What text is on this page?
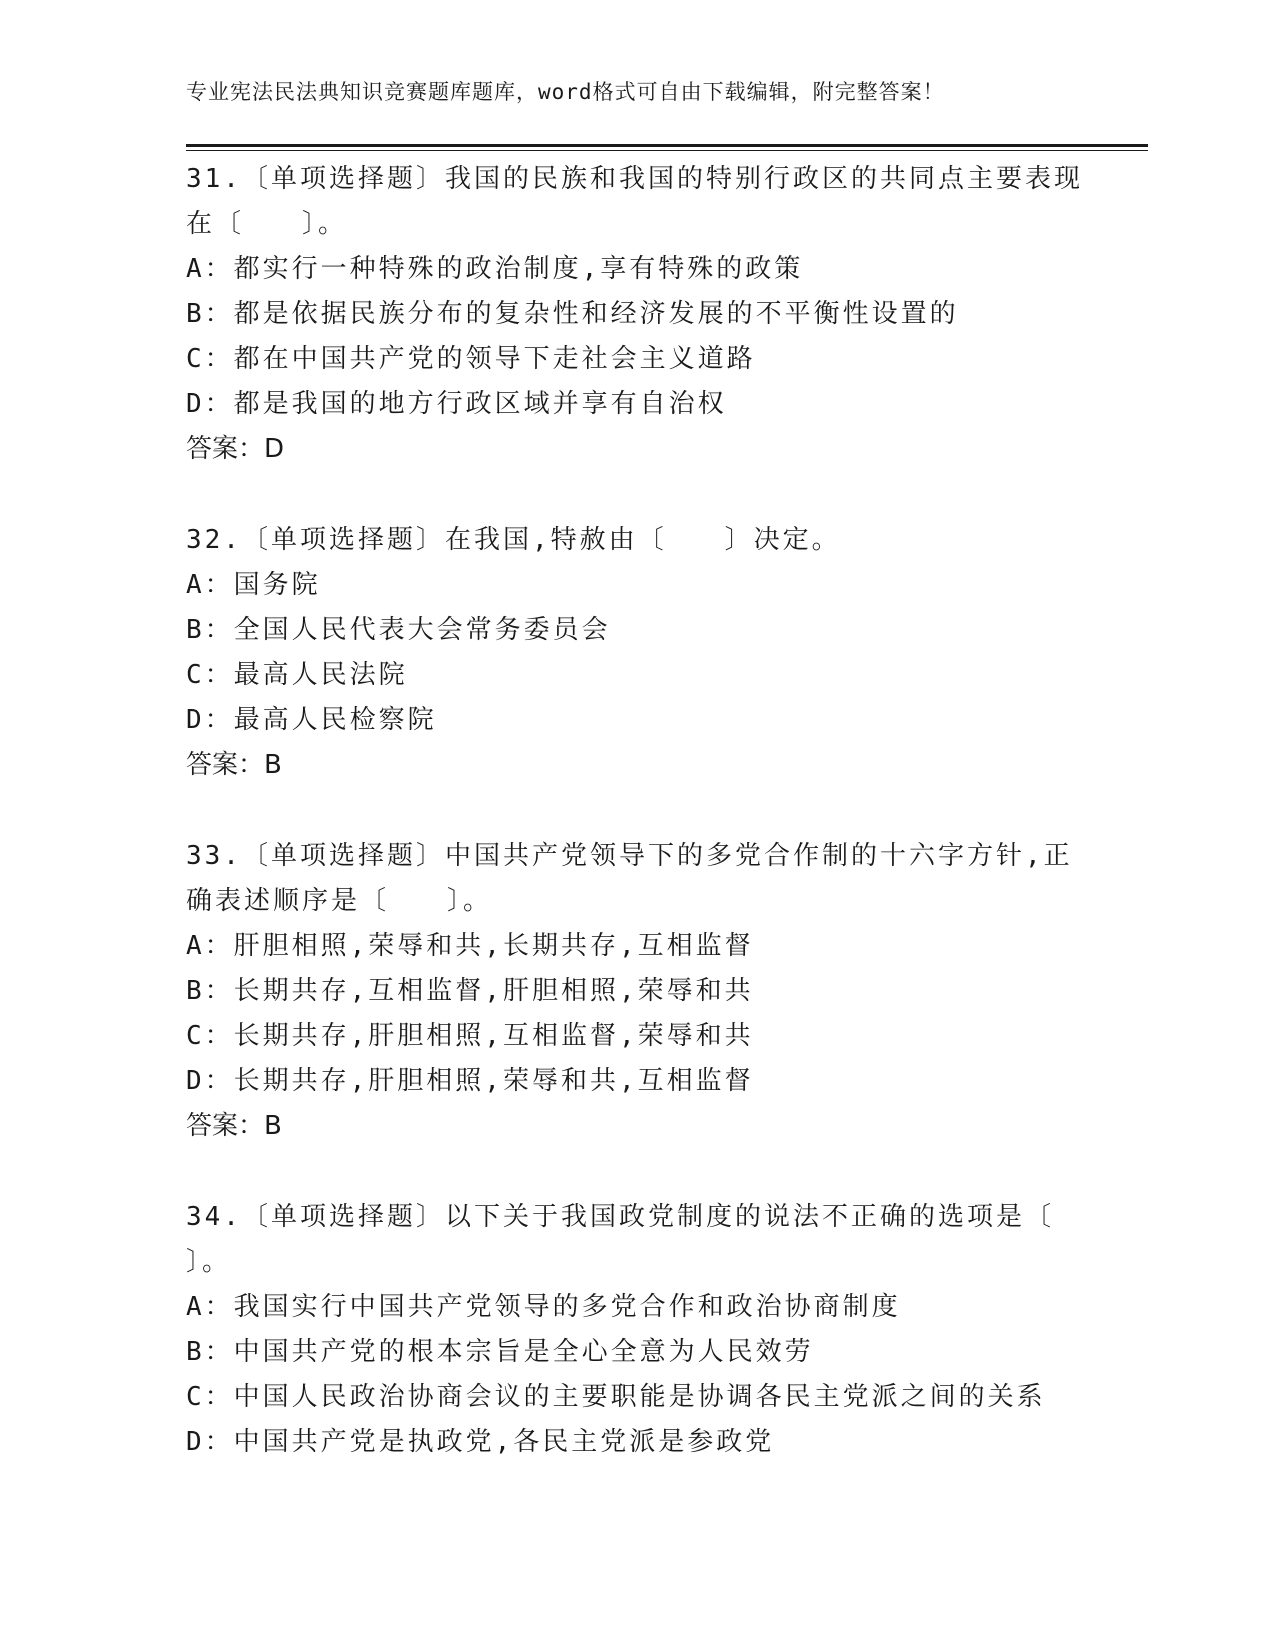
专业宪法民法典知识竞赛题库题库，word格式可自由下载编辑，附完整答案！
31.〔单项选择题〕我国的民族和我国的特别行政区的共同点主要表现
在〔　　〕。
A：都实行一种特殊的政治制度,享有特殊的政策
B：都是依据民族分布的复杂性和经济发展的不平衡性设置的
C：都在中国共产党的领导下走社会主义道路
D：都是我国的地方行政区域并享有自治权
答案：D
32.〔单项选择题〕在我国,特赦由〔　　〕决定。
A：国务院
B：全国人民代表大会常务委员会
C：最高人民法院
D：最高人民检察院
答案：B
33.〔单项选择题〕中国共产党领导下的多党合作制的十六字方针,正
确表述顺序是〔　　〕。
A：肝胆相照,荣辱和共,长期共存,互相监督
B：长期共存,互相监督,肝胆相照,荣辱和共
C：长期共存,肝胆相照,互相监督,荣辱和共
D：长期共存,肝胆相照,荣辱和共,互相监督
答案：B
34.〔单项选择题〕以下关于我国政党制度的说法不正确的选项是〔
〕。
A：我国实行中国共产党领导的多党合作和政治协商制度
B：中国共产党的根本宗旨是全心全意为人民效劳
C：中国人民政治协商会议的主要职能是协调各民主党派之间的关系
D：中国共产党是执政党,各民主党派是参政党
